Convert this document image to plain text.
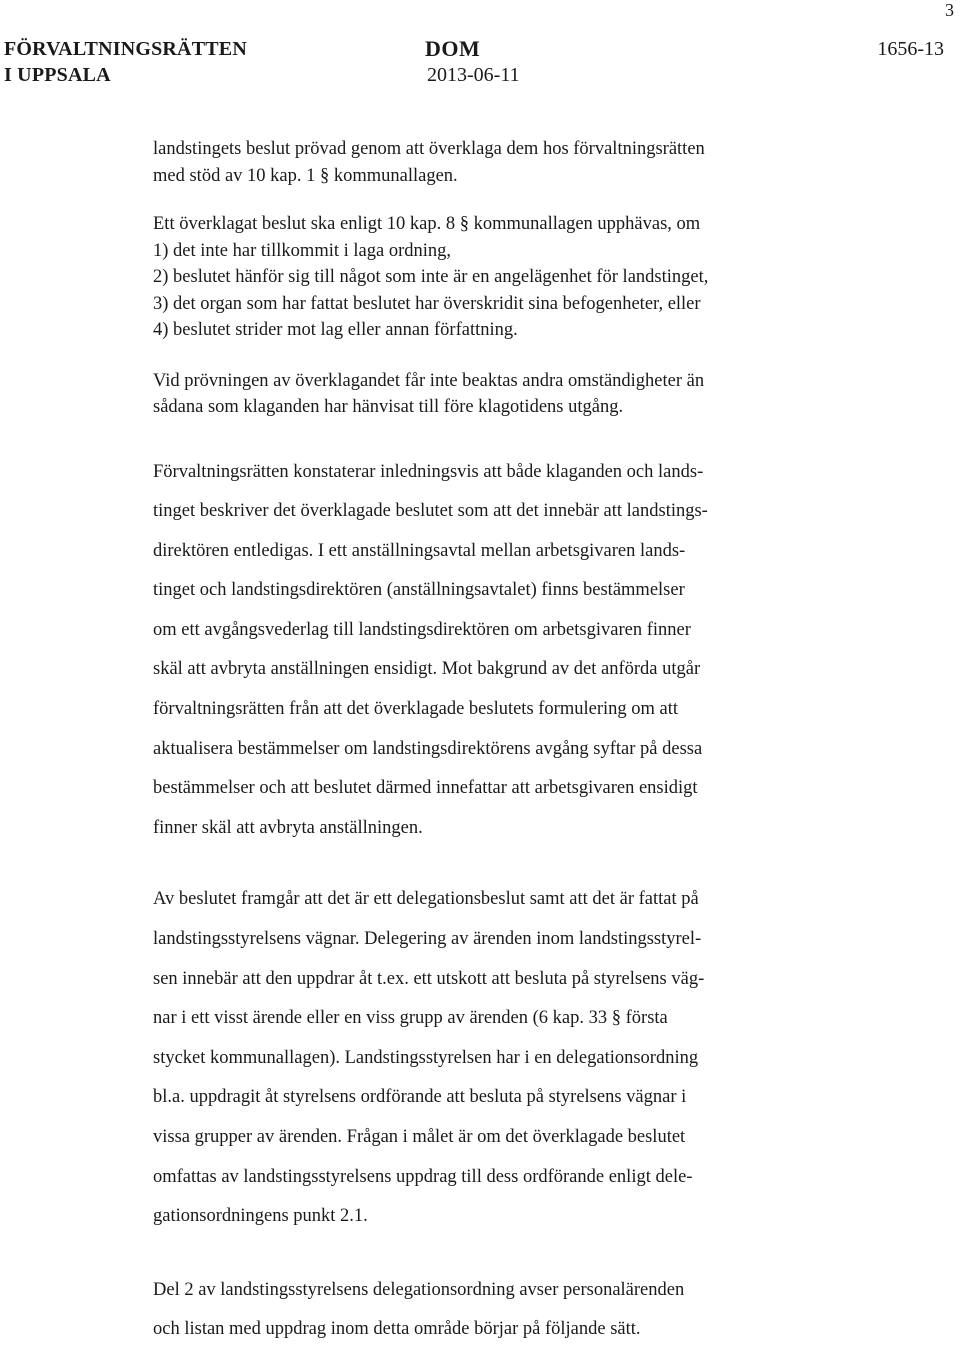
3
FÖRVALTNINGSRÄTTEN
I UPPSALA
DOM
2013-06-11
1656-13

landstingets beslut prövad genom att överklaga dem hos förvaltningsrätten

med stöd av 10 kap. 1 § kommunallagen.

Ett överklagat beslut ska enligt 10 kap. 8 § kommunallagen upphävas, om

1) det inte har tillkommit i laga ordning,

2) beslutet hänför sig till något som inte är en angelägenhet för landstinget,

3) det organ som har fattat beslutet har överskridit sina befogenheter, eller

4) beslutet strider mot lag eller annan författning.

Vid prövningen av överklagandet får inte beaktas andra omständigheter än

sådana som klaganden har hänvisat till före klagotidens utgång.

Förvaltningsrätten konstaterar inledningsvis att både klaganden och lands-

tinget beskriver det överklagade beslutet som att det innebär att landstings-

direktören entledigas. I ett anställningsavtal mellan arbetsgivaren lands-

tinget och landstingsdirektören (anställningsavtalet) finns bestämmelser

om ett avgångsvederlag till landstingsdirektören om arbetsgivaren finner

skäl att avbryta anställningen ensidigt. Mot bakgrund av det anförda utgår

förvaltningsrätten från att det överklagade beslutets formulering om att

aktualisera bestämmelser om landstingsdirektörens avgång syftar på dessa

bestämmelser och att beslutet därmed innefattar att arbetsgivaren ensidigt

finner skäl att avbryta anställningen.

Av beslutet framgår att det är ett delegationsbeslut samt att det är fattat på

landstingsstyrelsens vägnar. Delegering av ärenden inom landstingsstyrel-

sen innebär att den uppdrar åt t.ex. ett utskott att besluta på styrelsens väg-

nar i ett visst ärende eller en viss grupp av ärenden (6 kap. 33 § första

stycket kommunallagen). Landstingsstyrelsen har i en delegationsordning

bl.a. uppdragit åt styrelsens ordförande att besluta på styrelsens vägnar i

vissa grupper av ärenden. Frågan i målet är om det överklagade beslutet

omfattas av landstingsstyrelsens uppdrag till dess ordförande enligt dele-

gationsordningens punkt 2.1.

Del 2 av landstingsstyrelsens delegationsordning avser personalärenden

och listan med uppdrag inom detta område börjar på följande sätt.
